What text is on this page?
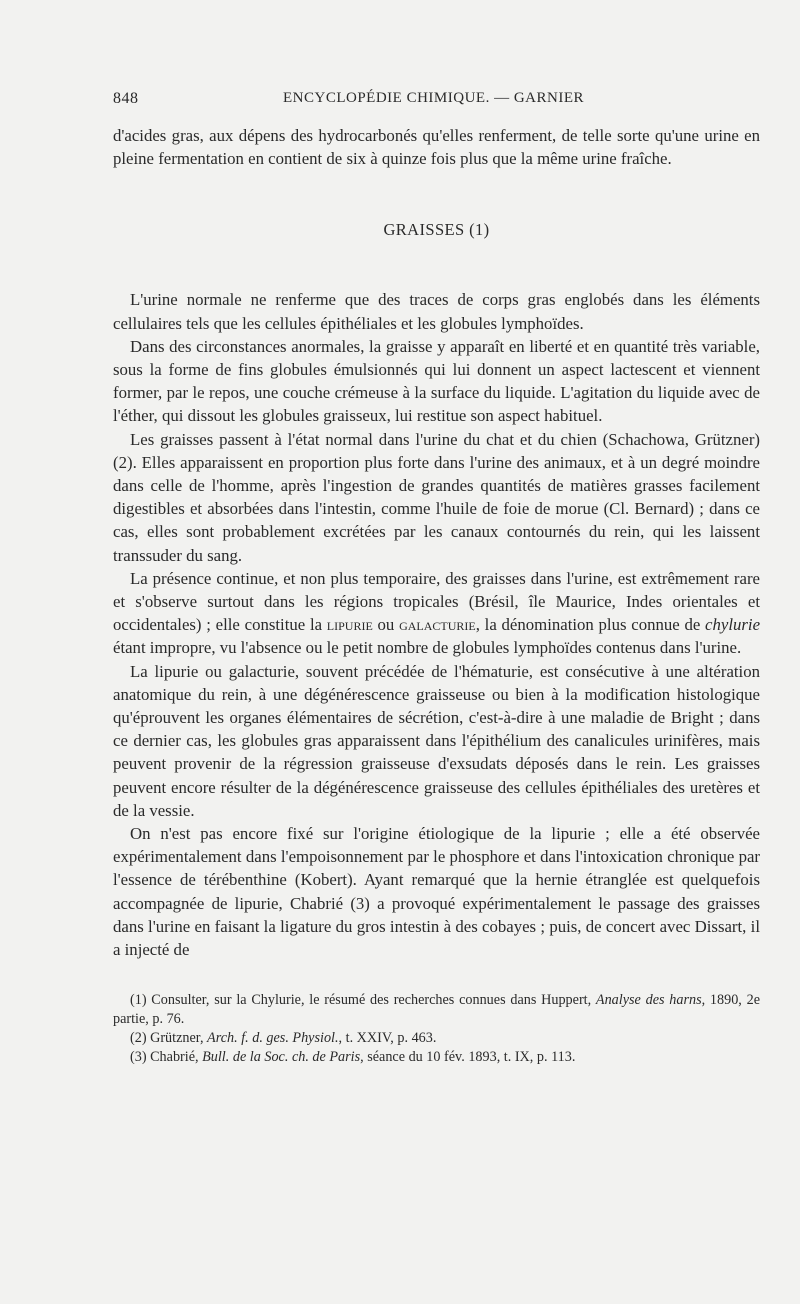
848	ENCYCLOPÉDIE CHIMIQUE. — GARNIER

d'acides gras, aux dépens des hydrocarbonés qu'elles renferment, de telle sorte qu'une urine en pleine fermentation en contient de six à quinze fois plus que la même urine fraîche.

GRAISSES (1)

L'urine normale ne renferme que des traces de corps gras englobés dans les éléments cellulaires tels que les cellules épithéliales et les globules lymphoïdes.

Dans des circonstances anormales, la graisse y apparaît en liberté et en quantité très variable, sous la forme de fins globules émulsionnés qui lui donnent un aspect lactescent et viennent former, par le repos, une couche crémeuse à la surface du liquide. L'agitation du liquide avec de l'éther, qui dissout les globules graisseux, lui restitue son aspect habituel.

Les graisses passent à l'état normal dans l'urine du chat et du chien (Schachowa, Grützner) (2). Elles apparaissent en proportion plus forte dans l'urine des animaux, et à un degré moindre dans celle de l'homme, après l'ingestion de grandes quantités de matières grasses facilement digestibles et absorbées dans l'intestin, comme l'huile de foie de morue (Cl. Bernard) ; dans ce cas, elles sont probablement excrétées par les canaux contournés du rein, qui les laissent transsuder du sang.

La présence continue, et non plus temporaire, des graisses dans l'urine, est extrêmement rare et s'observe surtout dans les régions tropicales (Brésil, île Maurice, Indes orientales et occidentales) ; elle constitue la lipurie ou galacturie, la dénomination plus connue de chylurie étant impropre, vu l'absence ou le petit nombre de globules lymphoïdes contenus dans l'urine.

La lipurie ou galacturie, souvent précédée de l'hématurie, est consécutive à une altération anatomique du rein, à une dégénérescence graisseuse ou bien à la modification histologique qu'éprouvent les organes élémentaires de sécrétion, c'est-à-dire à une maladie de Bright ; dans ce dernier cas, les globules gras apparaissent dans l'épithélium des canalicules urinifères, mais peuvent provenir de la régression graisseuse d'exsudats déposés dans le rein. Les graisses peuvent encore résulter de la dégénérescence graisseuse des cellules épithéliales des uretères et de la vessie.

On n'est pas encore fixé sur l'origine étiologique de la lipurie ; elle a été observée expérimentalement dans l'empoisonnement par le phosphore et dans l'intoxication chronique par l'essence de térébenthine (Kobert). Ayant remarqué que la hernie étranglée est quelquefois accompagnée de lipurie, Chabrié (3) a provoqué expérimentalement le passage des graisses dans l'urine en faisant la ligature du gros intestin à des cobayes ; puis, de concert avec Dissart, il a injecté de

(1) Consulter, sur la Chylurie, le résumé des recherches connues dans Huppert, Analyse des harns, 1890, 2e partie, p. 76.

(2) Grützner, Arch. f. d. ges. Physiol., t. XXIV, p. 463.

(3) Chabrié, Bull. de la Soc. ch. de Paris, séance du 10 fév. 1893, t. IX, p. 113.
